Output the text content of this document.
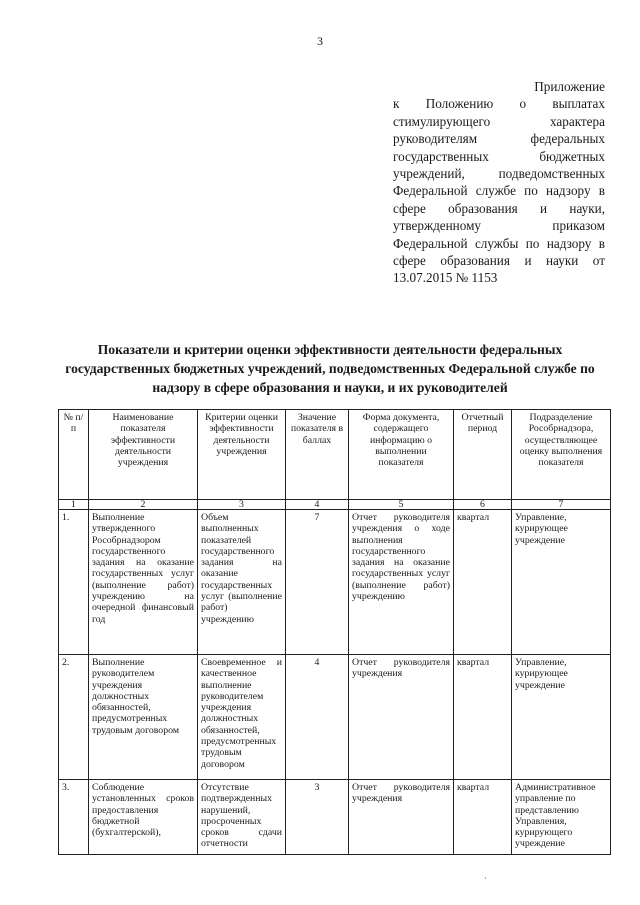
3
Приложение
к Положению о выплатах стимулирующего характера руководителям федеральных государственных бюджетных учреждений, подведомственных Федеральной службе по надзору в сфере образования и науки, утвержденному приказом Федеральной службы по надзору в сфере образования и науки от 13.07.2015 № 1153
Показатели и критерии оценки эффективности деятельности федеральных государственных бюджетных учреждений, подведомственных Федеральной службе по надзору в сфере образования и науки, и их руководителей
№ п/п	Наименование показателя эффективности деятельности учреждения	Критерии оценки эффективности деятельности учреждения	Значение показателя в баллах	Форма документа, содержащего информацию о выполнении показателя	Отчетный период	Подразделение Рособрнадзора, осуществляющее оценку выполнения показателя
1	2	3	4	5	6	7
1.	Выполнение утвержденного Рособрнадзором государственного задания на оказание государственных услуг (выполнение работ) учреждению на очередной финансовый год	Объем выполненных показателей государственного задания на оказание государственных услуг (выполнение работ) учреждению	7	Отчет руководителя учреждения о ходе выполнения государственного задания на оказание государственных услуг (выполнение работ) учреждению	квартал	Управление, курирующее учреждение
2.	Выполнение руководителем учреждения должностных обязанностей, предусмотренных трудовым договором	Своевременное и качественное выполнение руководителем учреждения должностных обязанностей, предусмотренных трудовым договором	4	Отчет руководителя учреждения	квартал	Управление, курирующее учреждение
3.	Соблюдение установленных сроков предоставления бюджетной (бухгалтерской),	Отсутствие подтвержденных нарушений, просроченных сроков сдачи отчетности	3	Отчет руководителя учреждения	квартал	Административное управление по представлению Управления, курирующего учреждение
·
